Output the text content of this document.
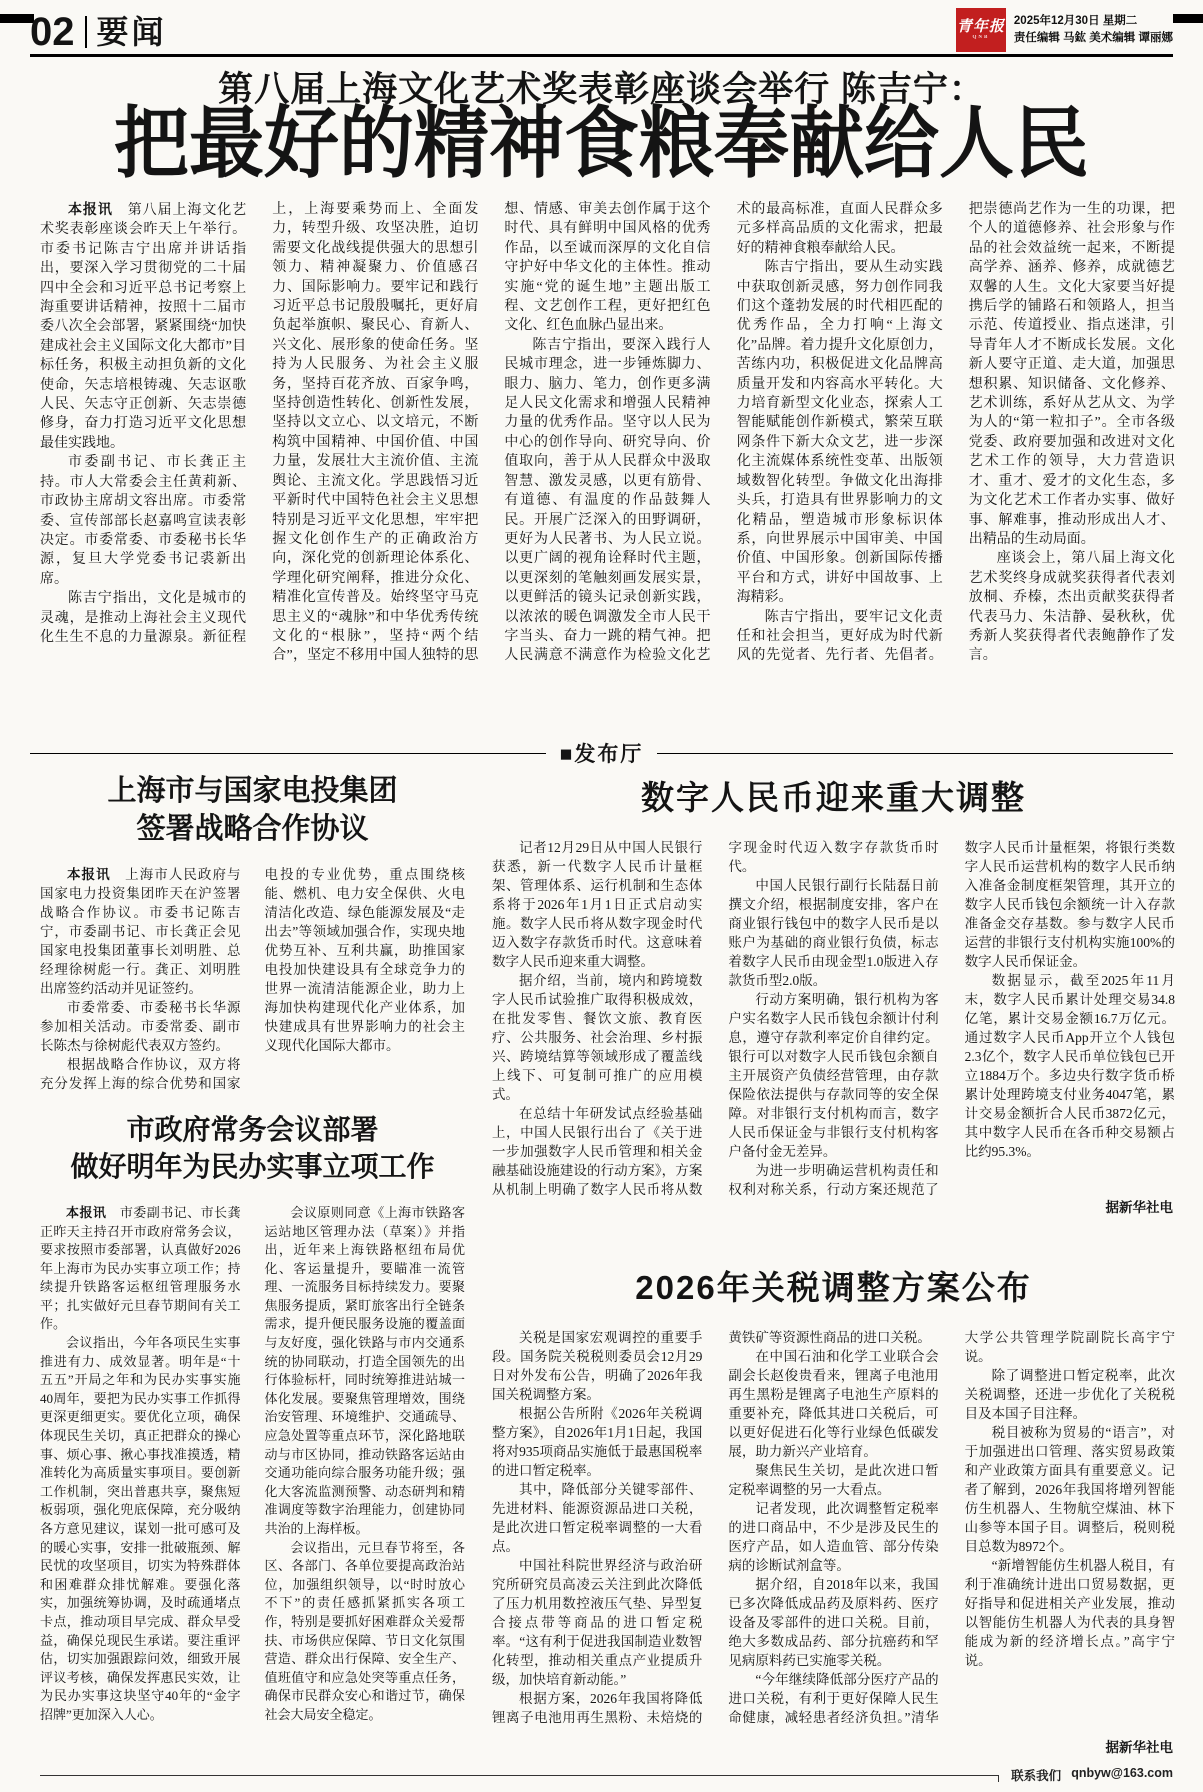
02 要闻	青年报
QNB
2025年12月30日 星期二
责任编辑 马鈜 美术编辑 谭丽娜
第八届上海文化艺术奖表彰座谈会举行 陈吉宁：
把最好的精神食粮奉献给人民

本报讯　第八届上海文化艺术奖表彰座谈会昨天上午举行。市委书记陈吉宁出席并讲话指出，要深入学习贯彻党的二十届四中全会和习近平总书记考察上海重要讲话精神，按照十二届市委八次全会部署，紧紧围绕“加快建成社会主义国际文化大都市”目标任务，积极主动担负新的文化使命，矢志培根铸魂、矢志讴歌人民、矢志守正创新、矢志崇德修身，奋力打造习近平文化思想最佳实践地。

市委副书记、市长龚正主持。市人大常委会主任黄莉新、市政协主席胡文容出席。市委常委、宣传部部长赵嘉鸣宣读表彰决定。市委常委、市委秘书长华源，复旦大学党委书记裘新出席。

陈吉宁指出，文化是城市的灵魂，是推动上海社会主义现代化生生不息的力量源泉。新征程上，上海要乘势而上、全面发力，转型升级、攻坚决胜，迫切需要文化战线提供强大的思想引领力、精神凝聚力、价值感召力、国际影响力。要牢记和践行习近平总书记殷殷嘱托，更好肩负起举旗帜、聚民心、育新人、兴文化、展形象的使命任务。坚持为人民服务、为社会主义服务，坚持百花齐放、百家争鸣，坚持创造性转化、创新性发展，坚持以文立心、以文培元，不断构筑中国精神、中国价值、中国力量，发展壮大主流价值、主流舆论、主流文化。学思践悟习近平新时代中国特色社会主义思想特别是习近平文化思想，牢牢把握文化创作生产的正确政治方向，深化党的创新理论体系化、学理化研究阐释，推进分众化、精准化宣传普及。始终坚守马克思主义的“魂脉”和中华优秀传统文化的“根脉”，坚持“两个结合”，坚定不移用中国人独特的思想、情感、审美去创作属于这个时代、具有鲜明中国风格的优秀作品，以至诚而深厚的文化自信守护好中华文化的主体性。推动实施“党的诞生地”主题出版工程、文艺创作工程，更好把红色文化、红色血脉凸显出来。

陈吉宁指出，要深入践行人民城市理念，进一步锤炼脚力、眼力、脑力、笔力，创作更多满足人民文化需求和增强人民精神力量的优秀作品。坚守以人民为中心的创作导向、研究导向、价值取向，善于从人民群众中汲取智慧、激发灵感，以更有筋骨、有道德、有温度的作品鼓舞人民。开展广泛深入的田野调研，更好为人民著书、为人民立说。以更广阔的视角诠释时代主题，以更深刻的笔触刻画发展实景，以更鲜活的镜头记录创新实践，以浓浓的暖色调激发全市人民干字当头、奋力一跳的精气神。把人民满意不满意作为检验文化艺术的最高标准，直面人民群众多元多样高品质的文化需求，把最好的精神食粮奉献给人民。

陈吉宁指出，要从生动实践中获取创新灵感，努力创作同我们这个蓬勃发展的时代相匹配的优秀作品，全力打响“上海文化”品牌。着力提升文化原创力，苦练内功，积极促进文化品牌高质量开发和内容高水平转化。大力培育新型文化业态，探索人工智能赋能创作新模式，繁荣互联网条件下新大众文艺，进一步深化主流媒体系统性变革、出版领域数智化转型。争做文化出海排头兵，打造具有世界影响力的文化精品，塑造城市形象标识体系，向世界展示中国审美、中国价值、中国形象。创新国际传播平台和方式，讲好中国故事、上海精彩。

陈吉宁指出，要牢记文化责任和社会担当，更好成为时代新风的先觉者、先行者、先倡者。把崇德尚艺作为一生的功课，把个人的道德修养、社会形象与作品的社会效益统一起来，不断提高学养、涵养、修养，成就德艺双馨的人生。文化大家要当好提携后学的铺路石和领路人，担当示范、传道授业、指点迷津，引导青年人才不断成长发展。文化新人要守正道、走大道，加强思想积累、知识储备、文化修养、艺术训练，系好从艺从文、为学为人的“第一粒扣子”。全市各级党委、政府要加强和改进对文化艺术工作的领导，大力营造识才、重才、爱才的文化生态，多为文化艺术工作者办实事、做好事、解难事，推动形成出人才、出精品的生动局面。

座谈会上，第八届上海文化艺术奖终身成就奖获得者代表刘放桐、乔榛，杰出贡献奖获得者代表马力、朱洁静、晏秋秋，优秀新人奖获得者代表鲍静作了发言。

■发布厅
上海市与国家电投集团
签署战略合作协议

本报讯　上海市人民政府与国家电力投资集团昨天在沪签署战略合作协议。市委书记陈吉宁，市委副书记、市长龚正会见国家电投集团董事长刘明胜、总经理徐树彪一行。龚正、刘明胜出席签约活动并见证签约。

市委常委、市委秘书长华源参加相关活动。市委常委、副市长陈杰与徐树彪代表双方签约。

根据战略合作协议，双方将充分发挥上海的综合优势和国家电投的专业优势，重点围绕核能、燃机、电力安全保供、火电清洁化改造、绿色能源发展及“走出去”等领域加强合作，实现央地优势互补、互利共赢，助推国家电投加快建设具有全球竞争力的世界一流清洁能源企业，助力上海加快构建现代化产业体系，加快建成具有世界影响力的社会主义现代化国际大都市。

数字人民币迎来重大调整

记者12月29日从中国人民银行获悉，新一代数字人民币计量框架、管理体系、运行机制和生态体系将于2026年1月1日正式启动实施。数字人民币将从数字现金时代迈入数字存款货币时代。这意味着数字人民币迎来重大调整。

据介绍，当前，境内和跨境数字人民币试验推广取得积极成效，在批发零售、餐饮文旅、教育医疗、公共服务、社会治理、乡村振兴、跨境结算等领域形成了覆盖线上线下、可复制可推广的应用模式。

在总结十年研发试点经验基础上，中国人民银行出台了《关于进一步加强数字人民币管理和相关金融基础设施建设的行动方案》，方案从机制上明确了数字人民币将从数字现金时代迈入数字存款货币时代。

中国人民银行副行长陆磊日前撰文介绍，根据制度安排，客户在商业银行钱包中的数字人民币是以账户为基础的商业银行负债，标志着数字人民币由现金型1.0版进入存款货币型2.0版。

行动方案明确，银行机构为客户实名数字人民币钱包余额计付利息，遵守存款利率定价自律约定。银行可以对数字人民币钱包余额自主开展资产负债经营管理，由存款保险依法提供与存款同等的安全保障。对非银行支付机构而言，数字人民币保证金与非银行支付机构客户备付金无差异。

为进一步明确运营机构责任和权利对称关系，行动方案还规范了数字人民币计量框架，将银行类数字人民币运营机构的数字人民币纳入准备金制度框架管理，其开立的数字人民币钱包余额统一计入存款准备金交存基数。参与数字人民币运营的非银行支付机构实施100%的数字人民币保证金。

数据显示，截至2025年11月末，数字人民币累计处理交易34.8亿笔，累计交易金额16.7万亿元。通过数字人民币App开立个人钱包2.3亿个，数字人民币单位钱包已开立1884万个。多边央行数字货币桥累计处理跨境支付业务4047笔，累计交易金额折合人民币3872亿元，其中数字人民币在各币种交易额占比约95.3%。

据新华社电
市政府常务会议部署
做好明年为民办实事立项工作

本报讯　市委副书记、市长龚正昨天主持召开市政府常务会议，要求按照市委部署，认真做好2026年上海市为民办实事立项工作；持续提升铁路客运枢纽管理服务水平；扎实做好元旦春节期间有关工作。

会议指出，今年各项民生实事推进有力、成效显著。明年是“十五五”开局之年和为民办实事实施40周年，要把为民办实事工作抓得更深更细更实。要优化立项，确保体现民生关切，真正把群众的操心事、烦心事、揪心事找准摸透，精准转化为高质量实事项目。要创新工作机制，突出普惠共享，聚焦短板弱项，强化兜底保障，充分吸纳各方意见建议，谋划一批可感可及的暖心实事，安排一批破瓶颈、解民忧的攻坚项目，切实为特殊群体和困难群众排忧解难。要强化落实，加强统筹协调，及时疏通堵点卡点，推动项目早完成、群众早受益，确保兑现民生承诺。要注重评估，切实加强跟踪问效，细致开展评议考核，确保发挥惠民实效，让为民办实事这块坚守40年的“金字招牌”更加深入人心。

会议原则同意《上海市铁路客运站地区管理办法（草案）》并指出，近年来上海铁路枢纽布局优化、客运量提升，要瞄准一流管理、一流服务目标持续发力。要聚焦服务提质，紧盯旅客出行全链条需求，提升便民服务设施的覆盖面与友好度，强化铁路与市内交通系统的协同联动，打造全国领先的出行体验标杆，同时统筹推进站城一体化发展。要聚焦管理增效，围绕治安管理、环境维护、交通疏导、应急处置等重点环节，深化路地联动与市区协同，推动铁路客运站由交通功能向综合服务功能升级；强化大客流监测预警、动态研判和精准调度等数字治理能力，创建协同共治的上海样板。

会议指出，元旦春节将至，各区、各部门、各单位要提高政治站位，加强组织领导，以“时时放心不下”的责任感抓紧抓实各项工作，特别是要抓好困难群众关爱帮扶、市场供应保障、节日文化氛围营造、群众出行保障、安全生产、值班值守和应急处突等重点任务，确保市民群众安心和谐过节，确保社会大局安全稳定。

2026年关税调整方案公布

关税是国家宏观调控的重要手段。国务院关税税则委员会12月29日对外发布公告，明确了2026年我国关税调整方案。

根据公告所附《2026年关税调整方案》，自2026年1月1日起，我国将对935项商品实施低于最惠国税率的进口暂定税率。

其中，降低部分关键零部件、先进材料、能源资源品进口关税，是此次进口暂定税率调整的一大看点。

中国社科院世界经济与政治研究所研究员高凌云关注到此次降低了压力机用数控液压气垫、异型复合接点带等商品的进口暂定税率。“这有利于促进我国制造业数智化转型，推动相关重点产业提质升级，加快培育新动能。”

根据方案，2026年我国将降低锂离子电池用再生黑粉、未焙烧的黄铁矿等资源性商品的进口关税。

在中国石油和化学工业联合会副会长赵俊贵看来，锂离子电池用再生黑粉是锂离子电池生产原料的重要补充，降低其进口关税后，可以更好促进石化等行业绿色低碳发展，助力新兴产业培育。

聚焦民生关切，是此次进口暂定税率调整的另一大看点。

记者发现，此次调整暂定税率的进口商品中，不少是涉及民生的医疗产品，如人造血管、部分传染病的诊断试剂盒等。

据介绍，自2018年以来，我国已多次降低成品药及原料药、医疗设备及零部件的进口关税。目前，绝大多数成品药、部分抗癌药和罕见病原料药已实施零关税。

“今年继续降低部分医疗产品的进口关税，有利于更好保障人民生命健康，减轻患者经济负担。”清华大学公共管理学院副院长高宇宁说。

除了调整进口暂定税率，此次关税调整，还进一步优化了关税税目及本国子目注释。

税目被称为贸易的“语言”，对于加强进出口管理、落实贸易政策和产业政策方面具有重要意义。记者了解到，2026年我国将增列智能仿生机器人、生物航空煤油、林下山参等本国子目。调整后，税则税目总数为8972个。

“新增智能仿生机器人税目，有利于准确统计进出口贸易数据，更好指导和促进相关产业发展，推动以智能仿生机器人为代表的具身智能成为新的经济增长点。”高宇宁说。

据新华社电
联系我们 qnbyw@163.com
